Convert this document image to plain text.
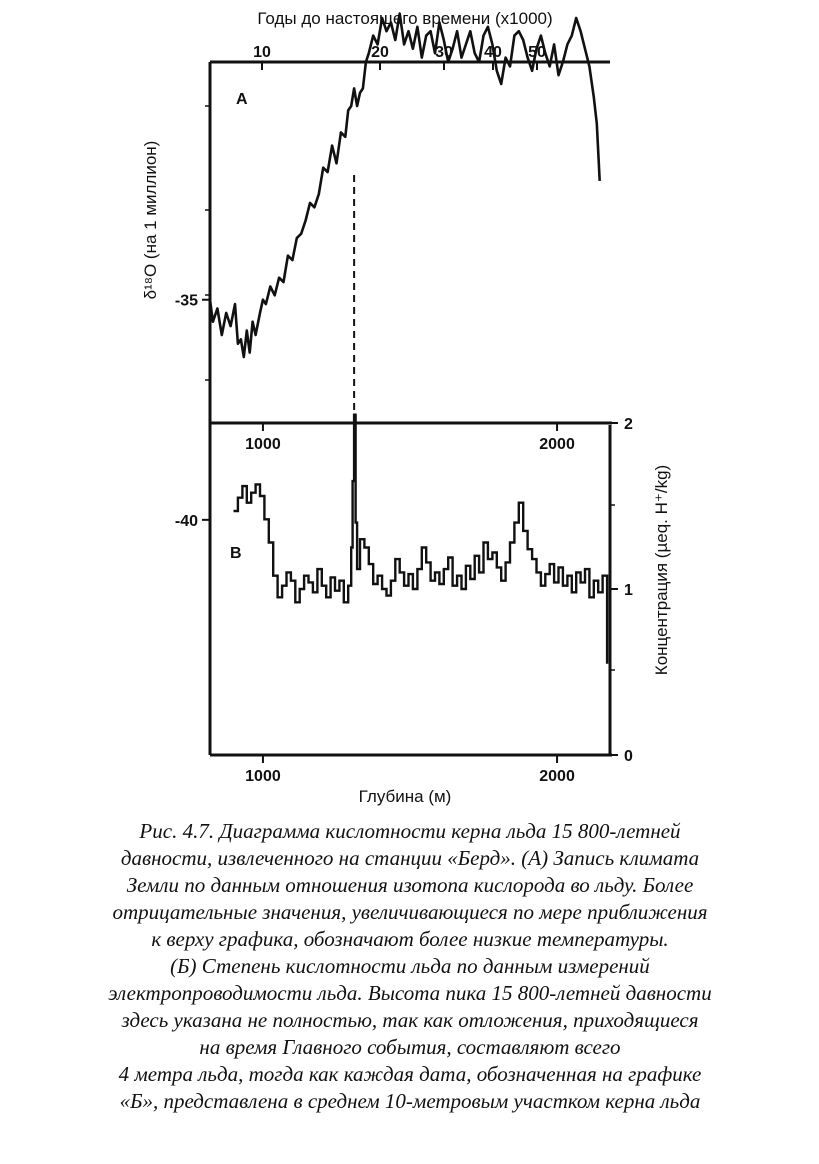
Годы до настоящего времени (x1000)
A
B
δ¹⁸O (на 1 миллион)
Концентрация (µeq. H⁺/kg)
Глубина (м)
10	20	30 40 50
-40
-35
1000	2000
1000	2000
2
1
0
Рис. 4.7. Диаграмма кислотности керна льда 15 800-летней
давности, извлеченного на станции «Берд». (А) Запись климата
Земли по данным отношения изотопа кислорода во льду. Более
отрицательные значения, увеличивающиеся по мере приближения
к верху графика, обозначают более низкие температуры.
(Б) Степень кислотности льда по данным измерений
электропроводимости льда. Высота пика 15 800-летней давности
здесь указана не полностью, так как отложения, приходящиеся
на время Главного события, составляют всего
4 метра льда, тогда как каждая дата, обозначенная на графике
«Б», представлена в среднем 10-метровым участком керна льда
